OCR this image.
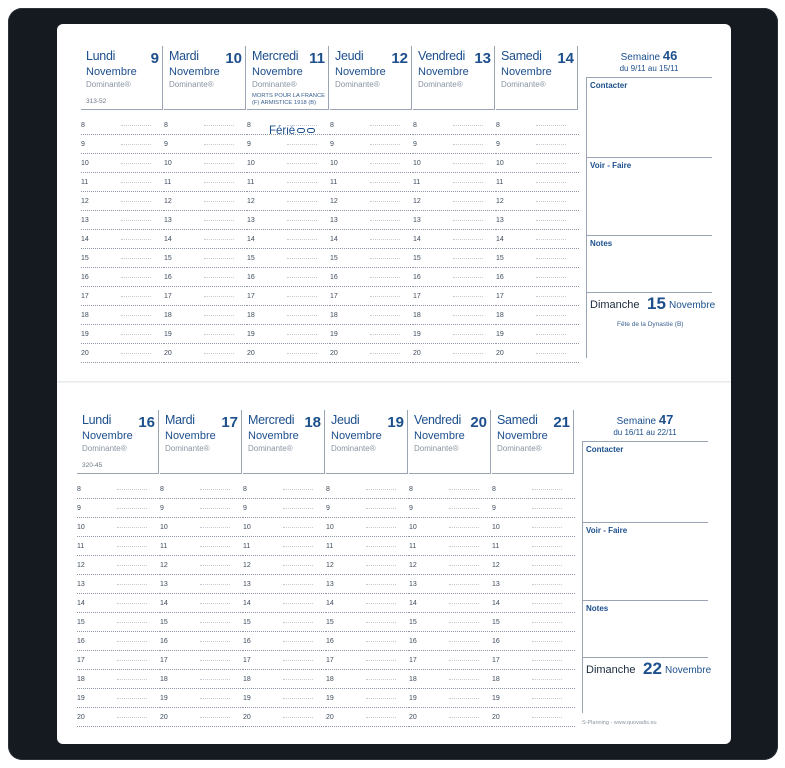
Lundi 9
Novembre
Dominante®
313-52
Mardi 10
Novembre
Dominante®
Mercredi 11
Novembre
Dominante®
MORTS POUR LA FRANCE (F) ARMISTICE 1918 (B)
Jeudi 12
Novembre
Dominante®
Vendredi 13
Novembre
Dominante®
Samedi 14
Novembre
Dominante®
Férié
Semaine 46
du 9/11 au 15/11
Contacter
Voir - Faire
Notes
Dimanche 15 Novembre
Fête de la Dynastie (B)
8	8	8	8	8	8
9	9	9	9	9	9
10	10	10	10	10	10
11	11	11	11	11	11
12	12	12	12	12	12
13	13	13	13	13	13
14	14	14	14	14	14
15	15	15	15	15	15
16	16	16	16	16	16
17	17	17	17	17	17
18	18	18	18	18	18
19	19	19	19	19	19
20	20	20	20	20	20
Lundi 16
Novembre
Dominante®
320-45
Mardi 17
Novembre
Dominante®
Mercredi 18
Novembre
Dominante®
Jeudi 19
Novembre
Dominante®
Vendredi 20
Novembre
Dominante®
Samedi 21
Novembre
Dominante®
Semaine 47
du 16/11 au 22/11
Contacter
Voir - Faire
Notes
Dimanche 22 Novembre
S-Planning - www.quovadis.eu
8	8	8	8	8	8
9	9	9	9	9	9
10	10	10	10	10	10
11	11	11	11	11	11
12	12	12	12	12	12
13	13	13	13	13	13
14	14	14	14	14	14
15	15	15	15	15	15
16	16	16	16	16	16
17	17	17	17	17	17
18	18	18	18	18	18
19	19	19	19	19	19
20	20	20	20	20	20
